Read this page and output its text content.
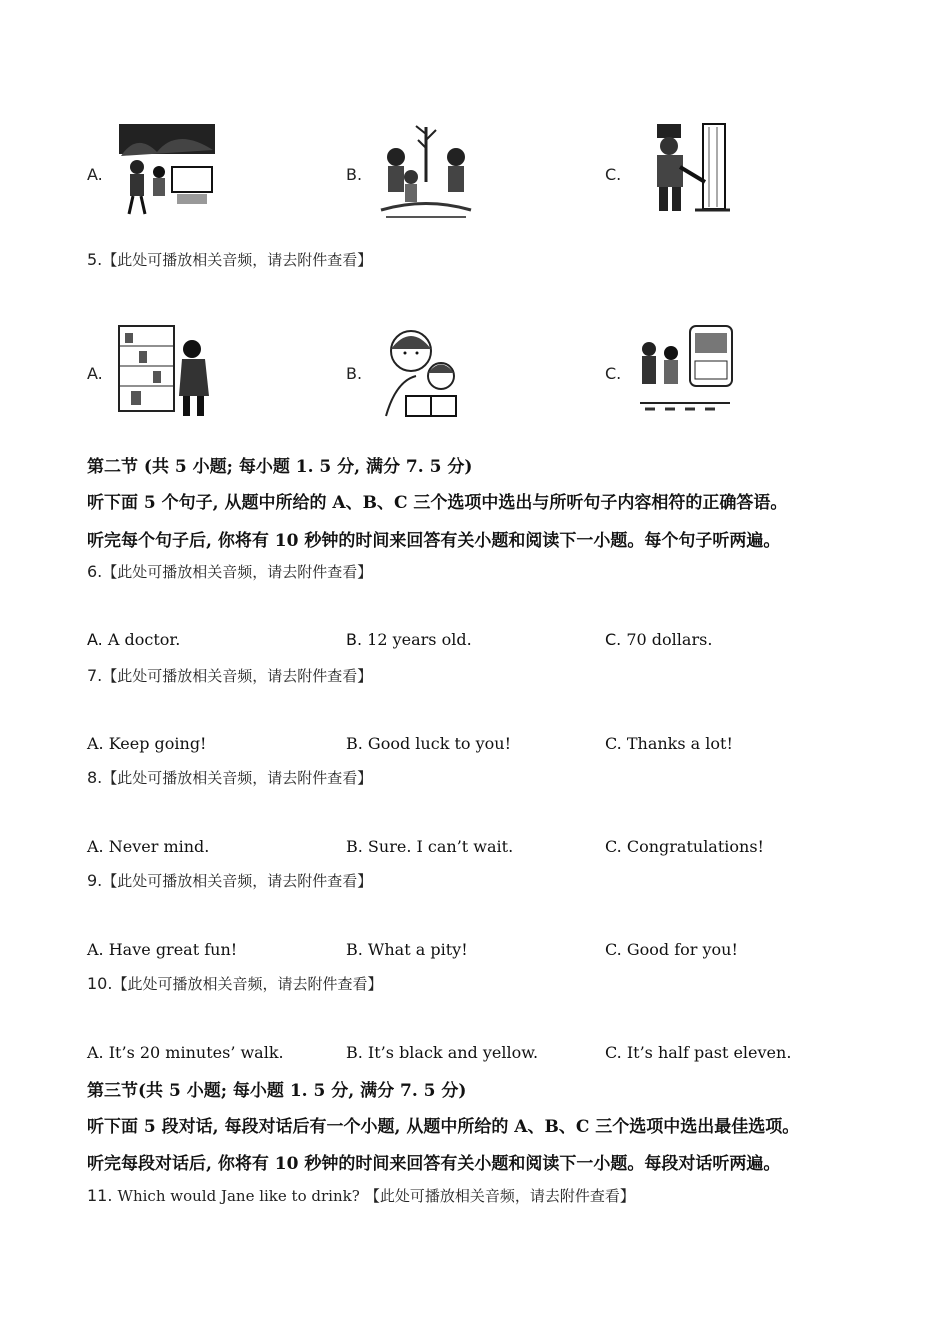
A.	B.	C.
5.【此处可播放相关音频，请去附件查看】
A.	B.	C.
第二节 (共 5 小题; 每小题 1. 5 分, 满分 7. 5 分)
听下面 5 个句子, 从题中所给的 A、B、C 三个选项中选出与所听句子内容相符的正确答语。
听完每个句子后, 你将有 10 秒钟的时间来回答有关小题和阅读下一小题。每个句子听两遍。
6.【此处可播放相关音频，请去附件查看】
A. A doctor.	B. 12 years old.	C. 70 dollars.
7.【此处可播放相关音频，请去附件查看】
A. Keep going!	B. Good luck to you!	C. Thanks a lot!
8.【此处可播放相关音频，请去附件查看】
A. Never mind.	B. Sure. I can’t wait.	C. Congratulations!
9.【此处可播放相关音频，请去附件查看】
A. Have great fun!	B. What a pity!	C. Good for you!
10.【此处可播放相关音频，请去附件查看】
A. It’s 20 minutes’ walk.	B. It’s black and yellow.	C. It’s half past eleven.
第三节(共 5 小题; 每小题 1. 5 分, 满分 7. 5 分)
听下面 5 段对话, 每段对话后有一个小题, 从题中所给的 A、B、C 三个选项中选出最佳选项。
听完每段对话后, 你将有 10 秒钟的时间来回答有关小题和阅读下一小题。每段对话听两遍。
11. Which would Jane like to drink? 【此处可播放相关音频，请去附件查看】
